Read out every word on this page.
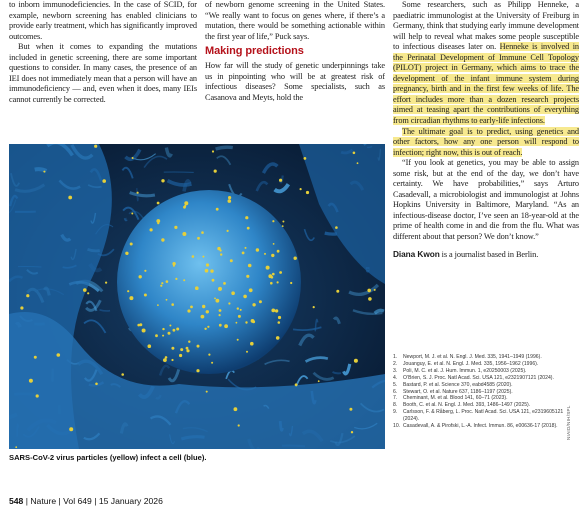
to inborn immunodeficiencies. In the case of SCID, for example, newborn screening has enabled clinicians to provide early treatment, which has significantly improved outcomes.

But when it comes to expanding the mutations included in genetic screening, there are some important questions to consider. In many cases, the presence of an IEI does not immediately mean that a person will have an immunodeficiency — and, even when it does, many IEIs cannot currently be corrected.

of newborn genome screening in the United States. “We really want to focus on genes where, if there’s a mutation, there would be something actionable within the first year of life,” Puck says.

Making predictions

How far will the study of genetic underpinnings take us in pinpointing who will be at greatest risk of infectious diseases? Some specialists, such as Casanova and Meyts, hold the

Some researchers, such as Philipp Henneke, a paediatric immunologist at the University of Freiburg in Germany, think that studying early immune development will help to reveal what makes some people susceptible to infectious diseases later on. Henneke is involved in the Perinatal Development of Immune Cell Topology (PILOT) project in Germany, which aims to trace the development of the infant immune system during pregnancy, birth and in the first few weeks of life. The effort includes more than a dozen research projects aimed at teasing apart the contributions of everything from circadian rhythms to early-life infections.

The ultimate goal is to predict, using genetics and other factors, how any one person will respond to infection; right now, this is out of reach.

“If you look at genetics, you may be able to assign some risk, but at the end of the day, we don’t have certainty. We have probabilities,” says Arturo Casadevall, a microbiologist and immunologist at Johns Hopkins University in Baltimore, Maryland. “As an infectious-disease doctor, I’ve seen an 18-year-old at the prime of health come in and die from the flu. What was different about that person? We don’t know.”

Diana Kwon is a journalist based in Berlin.

1.	Newport, M. J. et al. N. Engl. J. Med. 335, 1941–1949 (1996).
2.	Jouanguy, E. et al. N. Engl. J. Med. 335, 1956–1962 (1996).
3.	Poli, M. C. et al. J. Hum. Immun. 1, e20250003 (2025).
4.	O’Brien, S. J. Proc. Natl Acad. Sci. USA 121, e2321907121 (2024).
5.	Bastard, P. et al. Science 370, eabd4585 (2020).
6.	Stewart, O. et al. Nature 637, 1186–1197 (2025).
7.	Cheminant, M. et al. Blood 141, 60–71 (2023).
8.	Booth, C. et al. N. Engl. J. Med. 393, 1486–1497 (2025).
9.	Carlsson, F. & Råberg, L. Proc. Natl Acad. Sci. USA 121, e2319605121 (2024).
10. Casadevall, A. & Pirofski, L.-A. Infect. Immun. 86, e00636-17 (2018).
SARS-CoV-2 virus particles (yellow) infect a cell (blue).
NIAID/NIH/SPL
548 | Nature | Vol 649 | 15 January 2026
